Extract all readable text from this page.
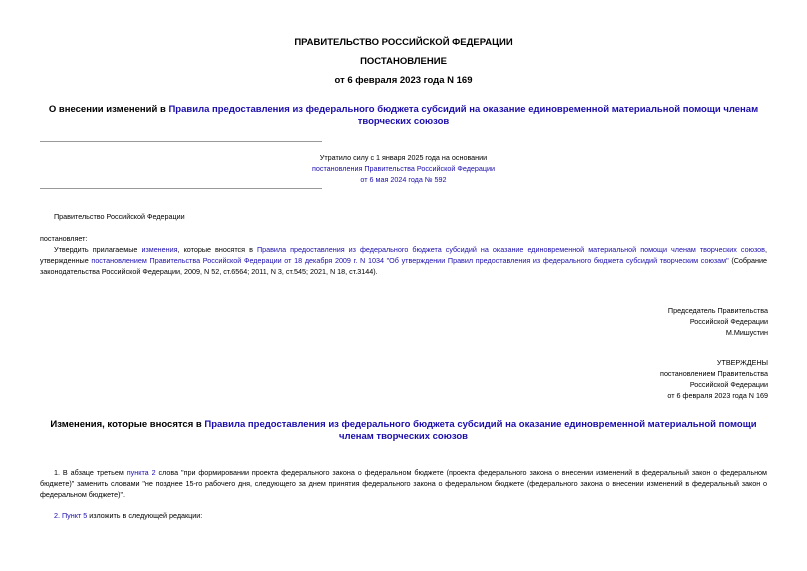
ПРАВИТЕЛЬСТВО РОССИЙСКОЙ ФЕДЕРАЦИИ
ПОСТАНОВЛЕНИЕ
от 6 февраля 2023 года N 169
О внесении изменений в Правила предоставления из федерального бюджета субсидий на оказание единовременной материальной помощи членам творческих союзов
Утратило силу с 1 января 2025 года на основании
постановления Правительства Российской Федерации
от 6 мая 2024 года № 592
Правительство Российской Федерации
постановляет:
Утвердить прилагаемые изменения, которые вносятся в Правила предоставления из федерального бюджета субсидий на оказание единовременной материальной помощи членам творческих союзов, утвержденные постановлением Правительства Российской Федерации от 18 декабря 2009 г. N 1034 "Об утверждении Правил предоставления из федерального бюджета субсидий творческим союзам" (Собрание законодательства Российской Федерации, 2009, N 52, ст.6564; 2011, N 3, ст.545; 2021, N 18, ст.3144).
Председатель Правительства
Российской Федерации
М.Мишустин
УТВЕРЖДЕНЫ
постановлением Правительства
Российской Федерации
от 6 февраля 2023 года N 169
Изменения, которые вносятся в Правила предоставления из федерального бюджета субсидий на оказание единовременной материальной помощи членам творческих союзов
1. В абзаце третьем пункта 2 слова "при формировании проекта федерального закона о федеральном бюджете (проекта федерального закона о внесении изменений в федеральный закон о федеральном бюджете)" заменить словами "не позднее 15-го рабочего дня, следующего за днем принятия федерального закона о федеральном бюджете (федерального закона о внесении изменений в федеральный закон о федеральном бюджете)".
2. Пункт 5 изложить в следующей редакции:
